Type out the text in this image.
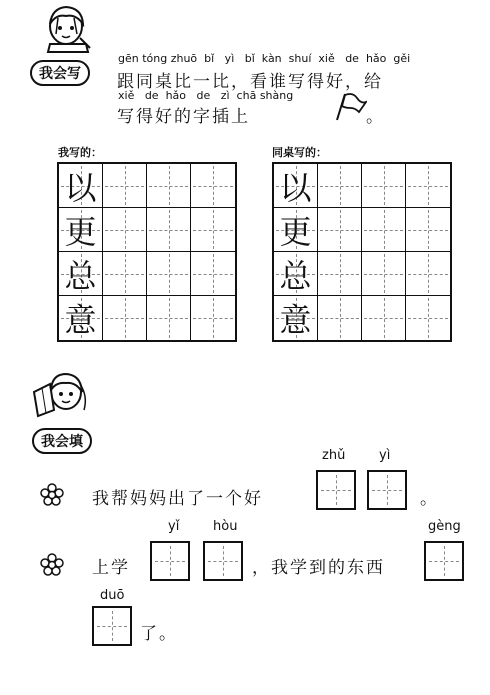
我会写
gēn tóng zhuō  bǐ   yì   bǐ  kàn  shuí  xiě   de  hǎo  gěi
跟同桌比一比，看谁写得好，给
xiě   de  hǎo   de   zì  chā shàng
写得好的字插上	。
我写的：	同桌写的：
以
更
总
意
以
更
总
意
我会填
我帮妈妈出了一个好
zhǔ	yì
。
上学
yǐ	hòu
，我学到的东西
gèng
duō
了。
